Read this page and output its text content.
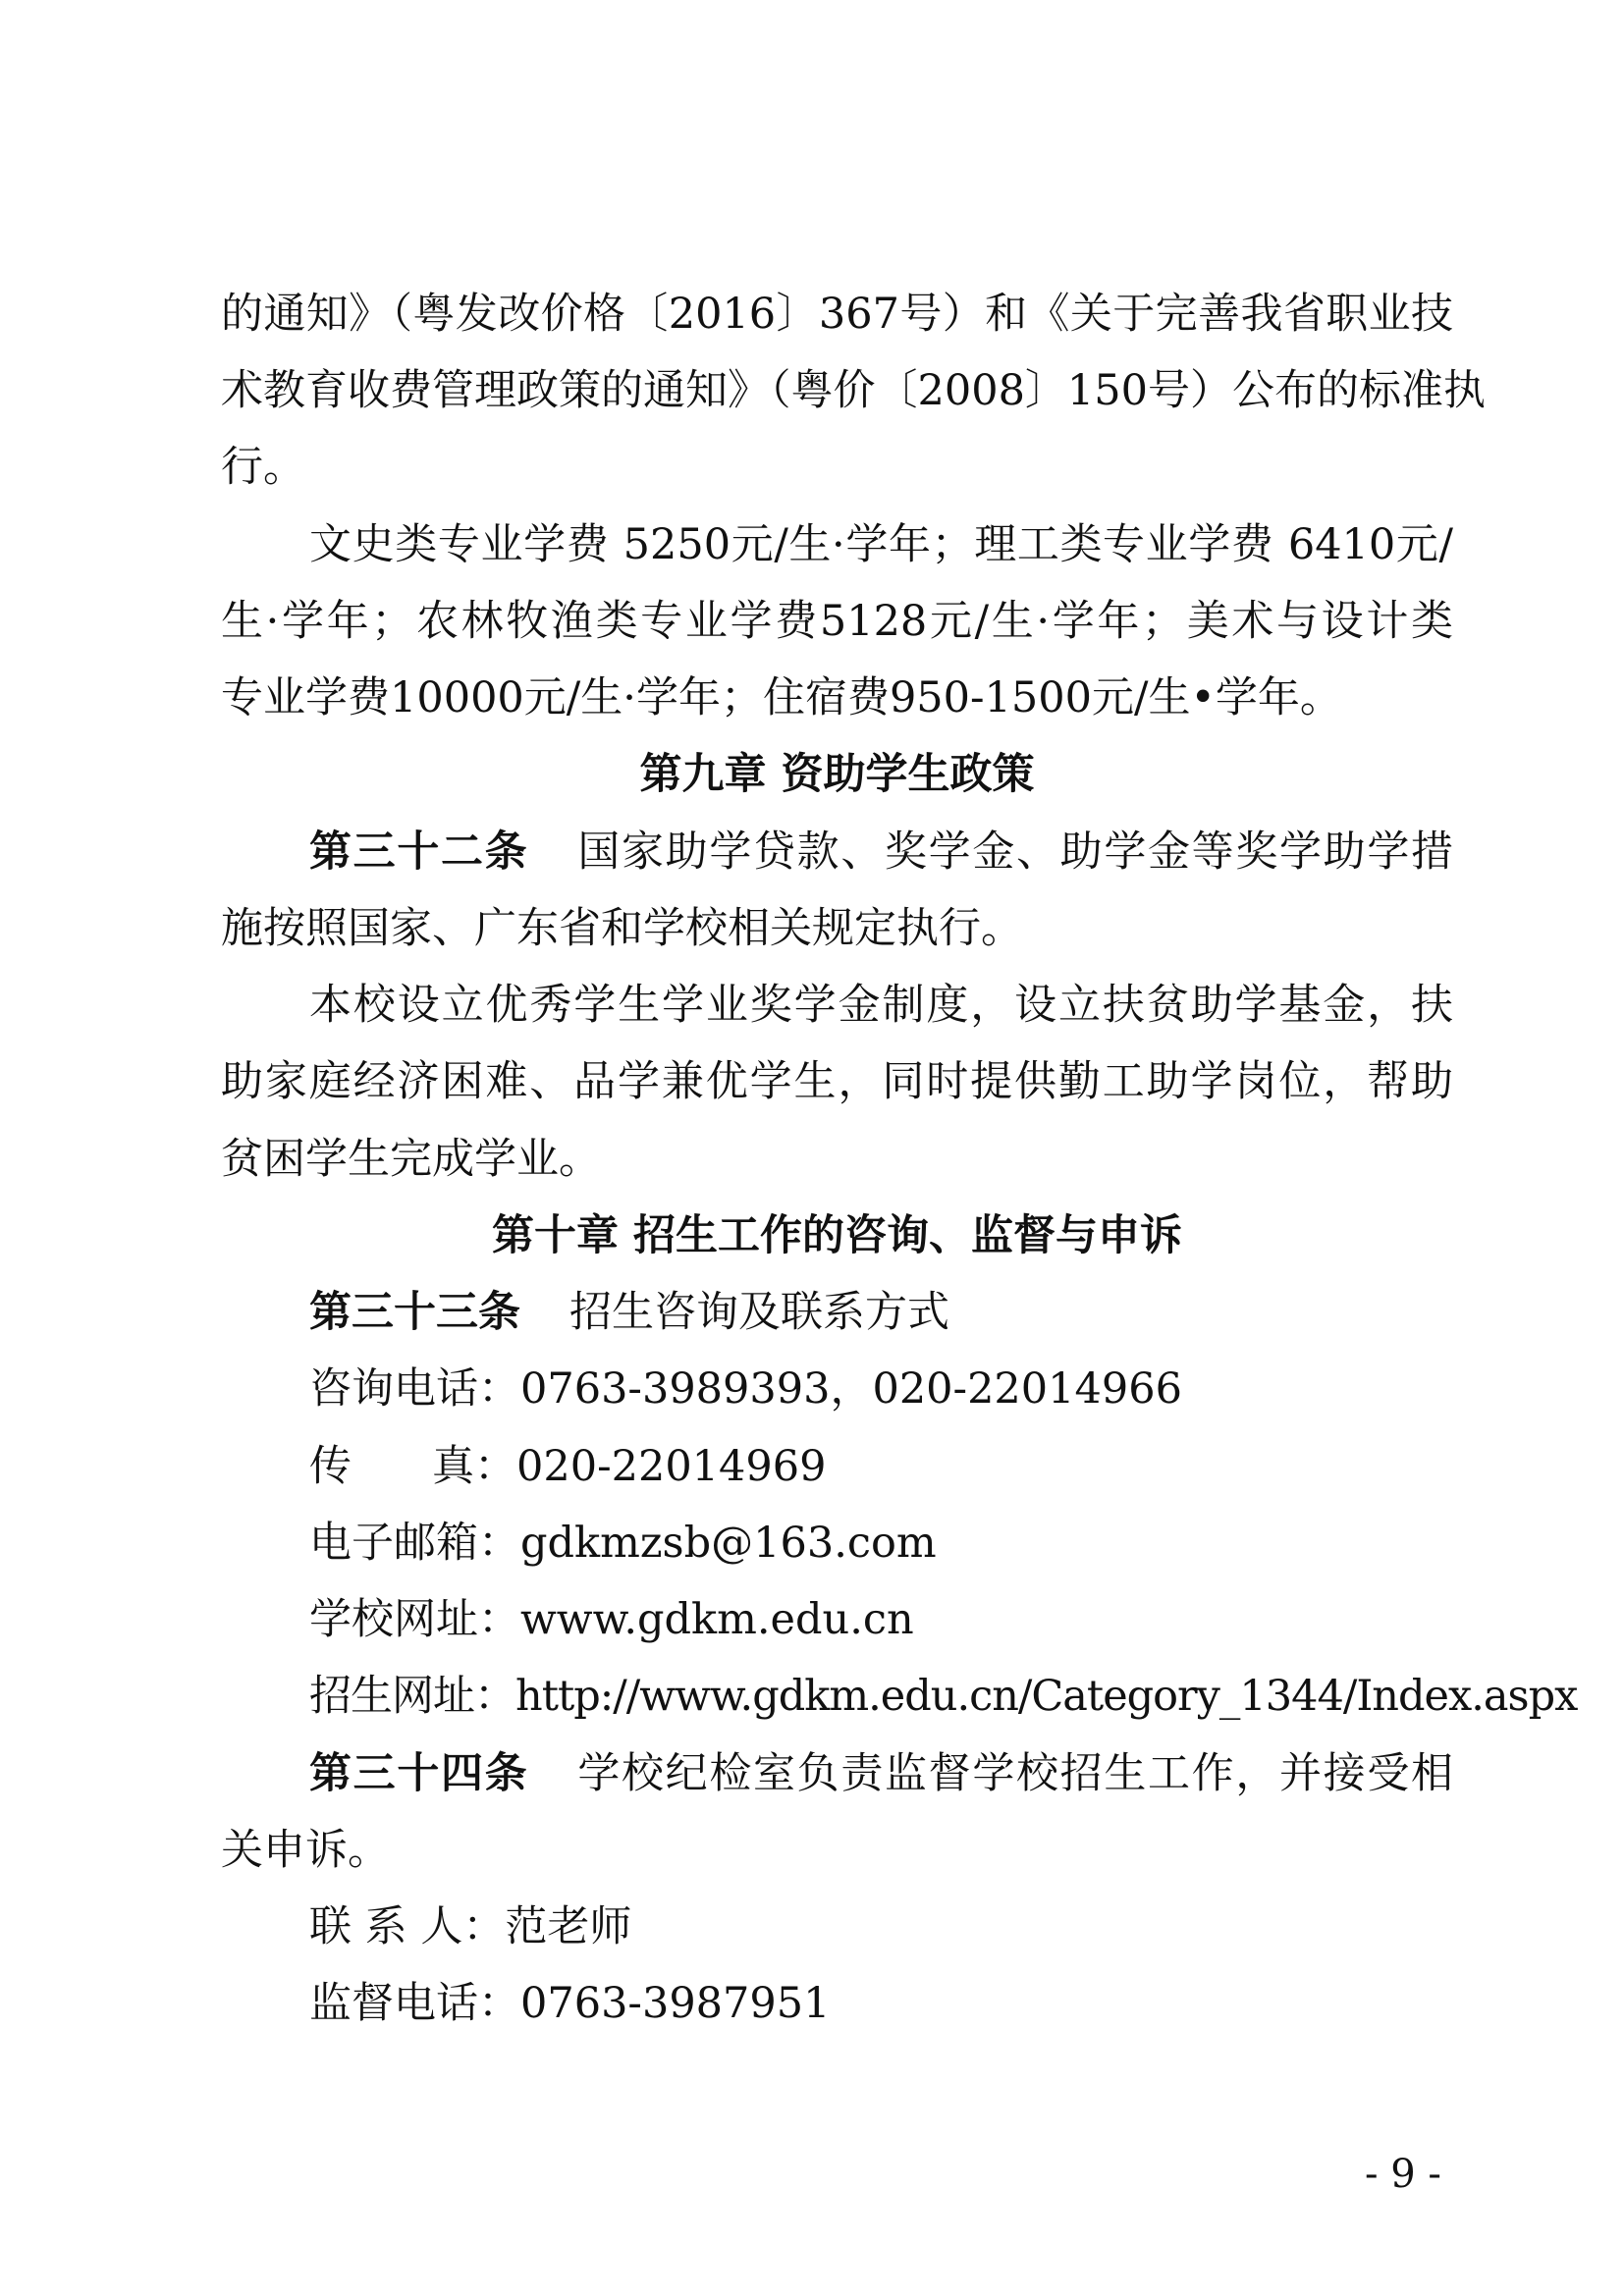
的通知》（粤发改价格〔2016〕367号）和《关于完善我省职业技
术教育收费管理政策的通知》（粤价〔2008〕150号）公布的标准执
行。
文史类专业学费 5250元/生·学年；理工类专业学费 6410元/
生·学年；农林牧渔类专业学费5128元/生·学年；美术与设计类
专业学费10000元/生·学年；住宿费950-1500元/生•学年。
第九章 资助学生政策
第三十二条 国家助学贷款、奖学金、助学金等奖学助学措
施按照国家、广东省和学校相关规定执行。
本校设立优秀学生学业奖学金制度，设立扶贫助学基金，扶
助家庭经济困难、品学兼优学生，同时提供勤工助学岗位，帮助
贫困学生完成学业。
第十章 招生工作的咨询、监督与申诉
第三十三条 招生咨询及联系方式
咨询电话：0763-3989393，020-22014966
传      真：020-22014969
电子邮箱：gdkmzsb@163.com
学校网址：www.gdkm.edu.cn
招生网址：http://www.gdkm.edu.cn/Category_1344/Index.aspx
第三十四条 学校纪检室负责监督学校招生工作，并接受相
关申诉。
联 系 人：范老师
监督电话：0763-3987951
- 9 -
